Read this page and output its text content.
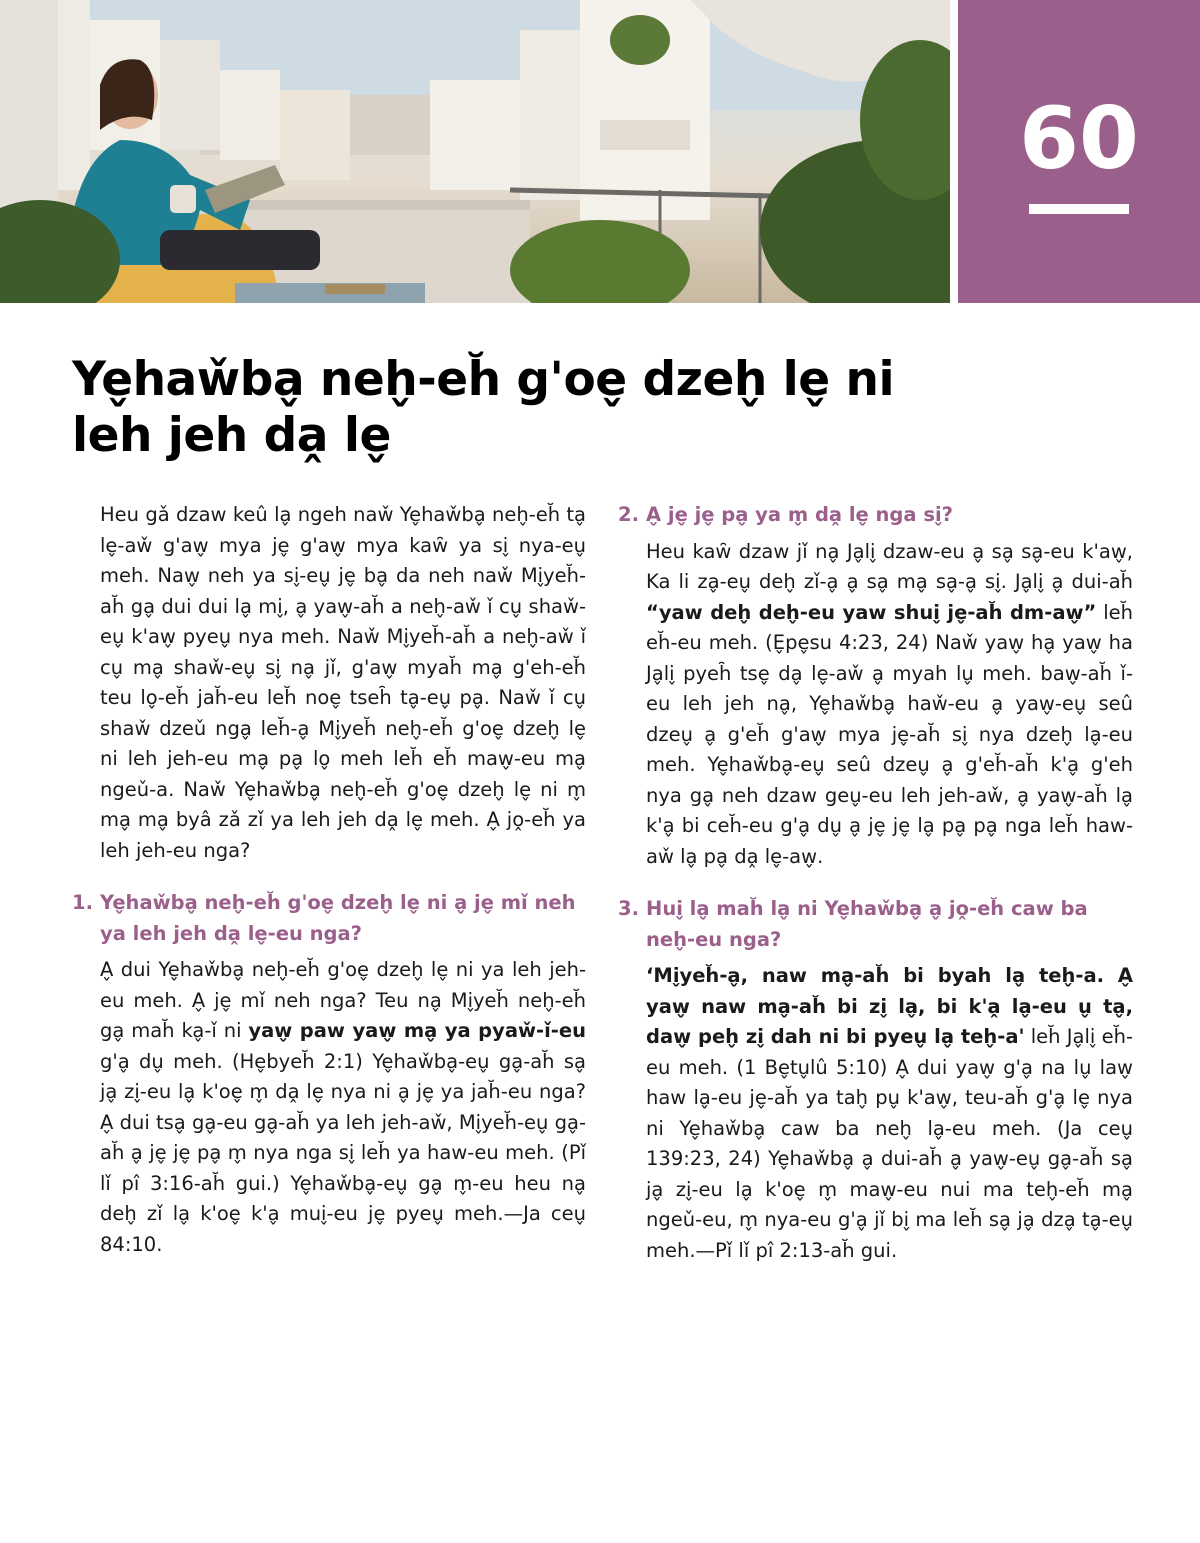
60
Ye̬haw̌ba̬ neh̬-eh̆ g'oe̬ dzeh̬ le̬ ni leh jeh da̭ le̬

Heu gǎ dzaw keû la̬ ngeh naw̌ Ye̬haw̌ba̬ neh̬-eh̆ ta̬ le̬-aw̌ g'aw̬ mya je̬ g'aw̬ mya kaw̑ ya si̬ nya-eu̬ meh. Naw̬ neh ya si̬-eu̬ je̬ ba̬ da neh naw̌ Mi̬yeh̆-ah̆ ga̬ dui dui la̬ mi̬, a̬ yaw̬-ah̆ a neh̬-aw̌ ǐ cu̬ shaw̌-eu̬ k'aw̬ pyeu̬ nya meh. Naw̌ Mi̬yeh̆-ah̆ a neh̬-aw̌ ǐ cu̬ ma̬ shaw̌-eu̬ si̬ na̬ jǐ, g'aw̬ myah̆ ma̬ g'eh-eh̆ teu lo̬-eh̆ jah̆-eu leh̆ noe̬ tseh̑ ta̬-eu̬ pa̬. Naw̌ ǐ cu̬ shaw̌ dzeǔ nga̬ leh̆-a̬ Mi̬yeh̆ neh̬-eh̆ g'oe̬ dzeh̬ le̬ ni leh jeh-eu ma̬ pa̬ lo̬ meh leh̆ eh̆ maw̬-eu ma̬ ngeǔ-a. Naw̌ Ye̬haw̌ba̬ neh̬-eh̆ g'oe̬ dzeh̬ le̬ ni m̬ ma̬ ma̬ byâ zǎ zǐ ya leh jeh da̭ le̬ meh. A̬ jo̭-eh̆ ya leh jeh-eu nga?

1. Ye̬haw̌ba̬ neh̬-eh̆ g'oe̬ dzeh̬ le̬ ni a̬ je̬ mǐ neh ya leh jeh da̭ le̬-eu nga?

A̬ dui Ye̬haw̌ba̬ neh̬-eh̆ g'oe̬ dzeh̬ le̬ ni ya leh jeh-eu meh. A̬ je̬ mǐ neh nga? Teu na̬ Mi̬yeh̆ neh̬-eh̆ ga̬ mah̆ ka̬-ǐ ni yaw̬ paw yaw̬ ma̬ ya pyaw̌-ǐ-eu g'a̬ du̬ meh. (He̬byeh̆ 2:1) Ye̬haw̌ba̬-eu̬ ga̬-ah̆ sa̬ ja̬ zi̬-eu la̬ k'oe̬ m̬ da̭ le̬ nya ni a̬ je̬ ya jah̆-eu nga? A̬ dui tsa̬ ga̬-eu ga̬-ah̆ ya leh jeh-aw̌, Mi̬yeh̆-eu̬ ga̬-ah̆ a̬ je̬ je̬ pa̬ m̬ nya nga si̬ leh̆ ya haw-eu meh. (Pǐ lǐ pî 3:16-ah̆ gui.) Ye̬haw̌ba̬-eu̬ ga̬ m̬-eu heu na̬ deh̬ zǐ la̬ k'oe̬ k'a̬ mui̬-eu je̬ pyeu̬ meh.—Ja ceu̬ 84:10.

2. A̬ je̬ je̬ pa̬ ya m̬ da̭ le̬ nga si̬?

Heu kaw̑ dzaw jǐ na̬ Ja̬li̬ dzaw-eu a̬ sa̬ sa̬-eu k'aw̬, Ka li za̬-eu̬ deh̬ zǐ-a̬ a̬ sa̬ ma̬ sa̬-a̬ si̬. Ja̬li̬ a̬ dui-ah̆ “yaw deh̬ deh̬-eu yaw shui̬ je̬-ah̆ dm-aw̬” leh̆ eh̆-eu meh. (E̬pe̬su 4:23, 24) Naw̌ yaw̬ ha̬ yaw̬ ha Ja̬li̬ pyeh̑ tse̬ da̬ le̬-aw̌ a̬ myah lu̬ meh. baw̬-ah̆ ǐ-eu leh jeh na̬, Ye̬haw̌ba̬ haw̌-eu a̬ yaw̬-eu̬ seû dzeu̬ a̬ g'eh̆ g'aw̬ mya je̬-ah̆ si̬ nya dzeh̬ la̬-eu meh. Ye̬haw̌ba̬-eu̬ seû dzeu̬ a̬ g'eh̆-ah̆ k'a̬ g'eh nya ga̬ neh dzaw geu̬-eu leh jeh-aw̌, a̬ yaw̬-ah̆ la̬ k'a̬ bi ceh̆-eu g'a̬ du̬ a̬ je̬ je̬ la̬ pa̬ pa̬ nga leh̆ haw-aw̌ la̬ pa̬ da̭ le̬-aw̬.

3. Hui̬ la̬ mah̆ la̬ ni Ye̬haw̌ba̬ a̬ jo̭-eh̆ caw ba neh̬-eu nga?

‘Mi̬yeh̆-a̬, naw ma̬-ah̆ bi byah la̬ teh̬-a. A̬ yaw̬ naw ma̬-ah̆ bi zi̬ la̬, bi k'a̭ la̬-eu u̬ ta̬, daw̬ peh̬ zi̬ dah ni bi pyeu̬ la̬ teh̬-a' leh̆ Ja̬li̬ eh̆-eu meh. (1 Be̬tu̬lû 5:10) A̬ dui yaw̬ g'a̬ na lu̬ law̬ haw la̬-eu je̬-ah̆ ya tah̬ pu̬ k'aw̬, teu-ah̆ g'a̬ le̬ nya ni Ye̬haw̌ba̬ caw ba neh̬ la̬-eu meh. (Ja ceu̬ 139:23, 24) Ye̬haw̌ba̬ a̬ dui-ah̆ a̬ yaw̬-eu̬ ga̬-ah̆ sa̬ ja̬ zi̬-eu la̬ k'oe̬ m̬ maw̬-eu nui ma teh̬-eh̆ ma̬ ngeǔ-eu, m̬ nya-eu g'a̬ jǐ bi̬ ma leh̆ sa̬ ja̬ dza̬ ta̬-eu̬ meh.—Pǐ lǐ pî 2:13-ah̆ gui.
